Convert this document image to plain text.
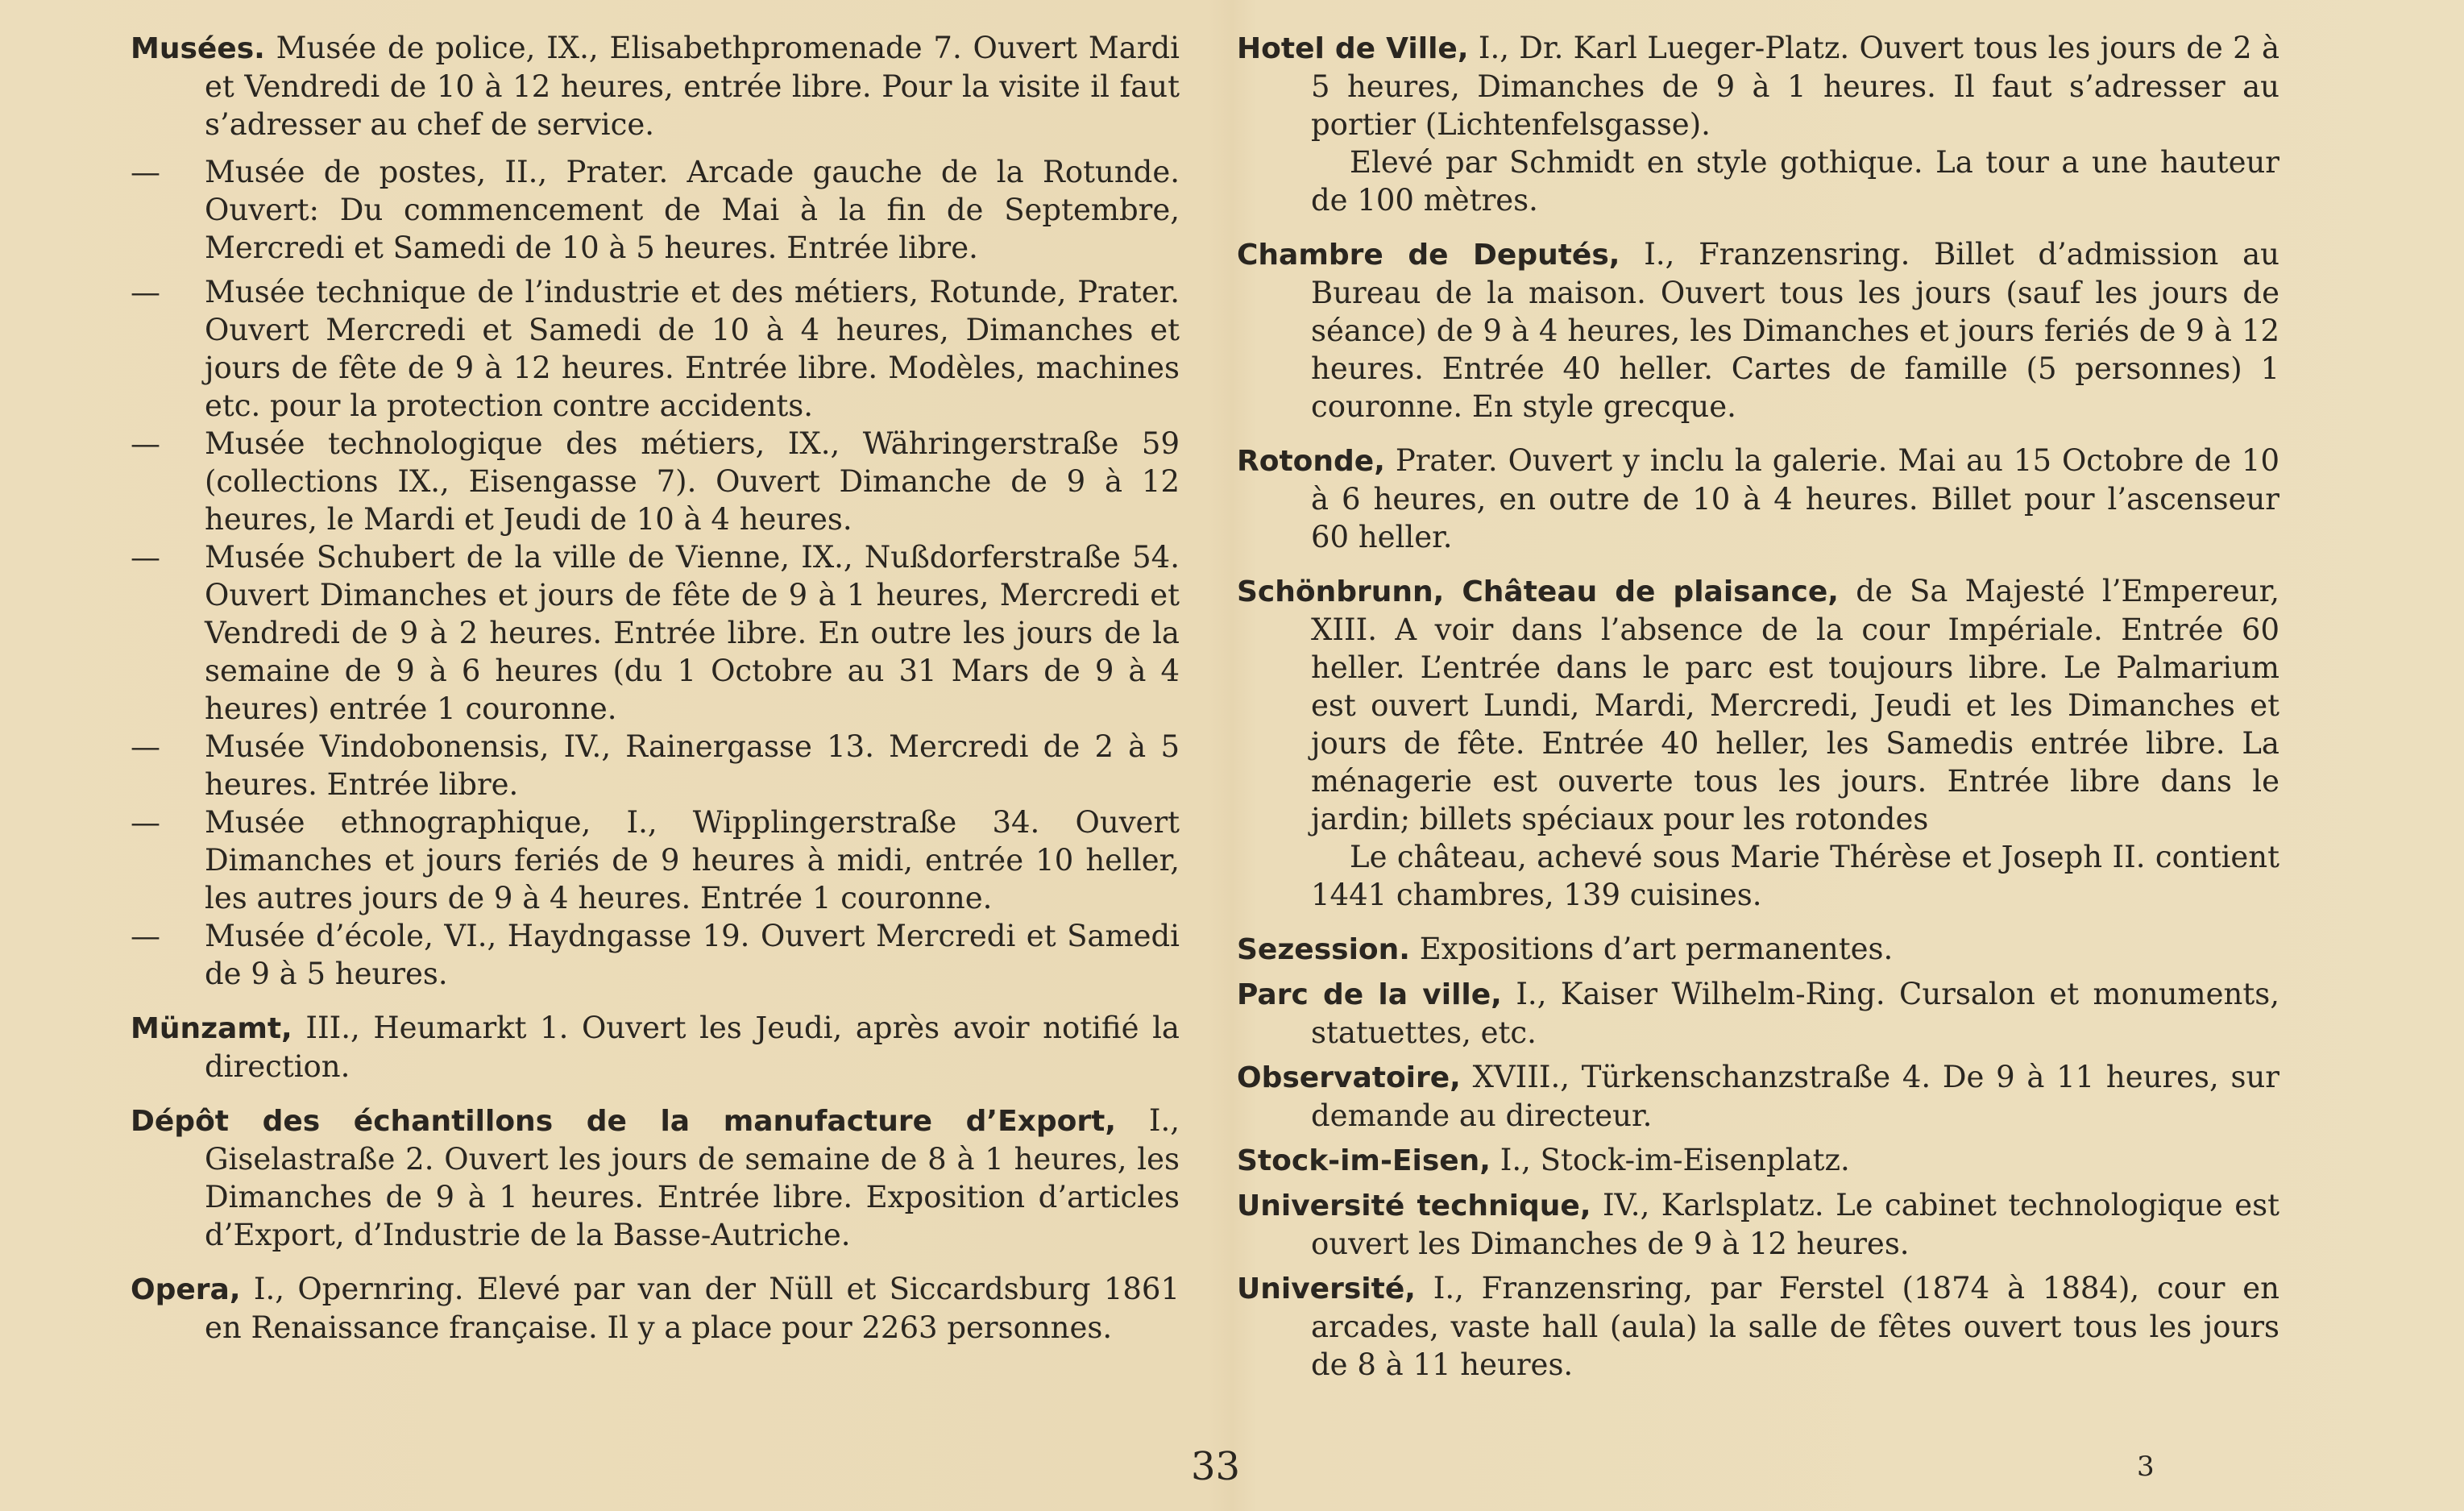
Musées. Musée de police, IX., Elisabethpromenade 7. Ouvert Mardi et Vendredi de 10 à 12 heures, entrée libre. Pour la visite il faut s’adresser au chef de service.

— Musée de postes, II., Prater. Arcade gauche de la Rotunde. Ouvert: Du commencement de Mai à la fin de Septembre, Mercredi et Samedi de 10 à 5 heures. Entrée libre.

— Musée technique de l’industrie et des métiers, Rotunde, Prater. Ouvert Mercredi et Samedi de 10 à 4 heures, Dimanches et jours de fête de 9 à 12 heures. Entrée libre. Modèles, machines etc. pour la protection contre accidents.

— Musée technologique des métiers, IX., Währingerstraße 59 (collections IX., Eisengasse 7). Ouvert Dimanche de 9 à 12 heures, le Mardi et Jeudi de 10 à 4 heures.

— Musée Schubert de la ville de Vienne, IX., Nußdorferstraße 54. Ouvert Dimanches et jours de fête de 9 à 1 heures, Mercredi et Vendredi de 9 à 2 heures. Entrée libre. En outre les jours de la semaine de 9 à 6 heures (du 1 Octobre au 31 Mars de 9 à 4 heures) entrée 1 couronne.

— Musée Vindobonensis, IV., Rainergasse 13. Mercredi de 2 à 5 heures. Entrée libre.

— Musée ethnographique, I., Wipplingerstraße 34. Ouvert Dimanches et jours feriés de 9 heures à midi, entrée 10 heller, les autres jours de 9 à 4 heures. Entrée 1 couronne.

— Musée d’école, VI., Haydngasse 19. Ouvert Mercredi et Samedi de 9 à 5 heures.

Münzamt, III., Heumarkt 1. Ouvert les Jeudi, après avoir notifié la direction.

Dépôt des échantillons de la manufacture d’Export, I., Giselastraße 2. Ouvert les jours de semaine de 8 à 1 heures, les Dimanches de 9 à 1 heures. Entrée libre. Exposition d’articles d’Export, d’Industrie de la Basse-Autriche.

Opera, I., Opernring. Elevé par van der Nüll et Siccardsburg 1861 en Renaissance française. Il y a place pour 2263 personnes.

Hotel de Ville, I., Dr. Karl Lueger-Platz. Ouvert tous les jours de 2 à 5 heures, Dimanches de 9 à 1 heures. Il faut s’adresser au portier (Lichtenfelsgasse).
Elevé par Schmidt en style gothique. La tour a une hauteur de 100 mètres.

Chambre de Deputés, I., Franzensring. Billet d’admission au Bureau de la maison. Ouvert tous les jours (sauf les jours de séance) de 9 à 4 heures, les Dimanches et jours feriés de 9 à 12 heures. Entrée 40 heller. Cartes de famille (5 personnes) 1 couronne. En style grecque.

Rotonde, Prater. Ouvert y inclu la galerie. Mai au 15 Octobre de 10 à 6 heures, en outre de 10 à 4 heures. Billet pour l’ascenseur 60 heller.

Schönbrunn, Château de plaisance, de Sa Majesté l’Empereur, XIII. A voir dans l’absence de la cour Impériale. Entrée 60 heller. L’entrée dans le parc est toujours libre. Le Palmarium est ouvert Lundi, Mardi, Mercredi, Jeudi et les Dimanches et jours de fête. Entrée 40 heller, les Samedis entrée libre. La ménagerie est ouverte tous les jours. Entrée libre dans le jardin; billets spéciaux pour les rotondes
Le château, achevé sous Marie Thérèse et Joseph II. contient 1441 chambres, 139 cuisines.

Sezession. Expositions d’art permanentes.

Parc de la ville, I., Kaiser Wilhelm-Ring. Cursalon et monuments, statuettes, etc.

Observatoire, XVIII., Türkenschanzstraße 4. De 9 à 11 heures, sur demande au directeur.

Stock-im-Eisen, I., Stock-im-Eisenplatz.

Université technique, IV., Karlsplatz. Le cabinet technologique est ouvert les Dimanches de 9 à 12 heures.

Université, I., Franzensring, par Ferstel (1874 à 1884), cour en arcades, vaste hall (aula) la salle de fêtes ouvert tous les jours de 8 à 11 heures.

33	3
